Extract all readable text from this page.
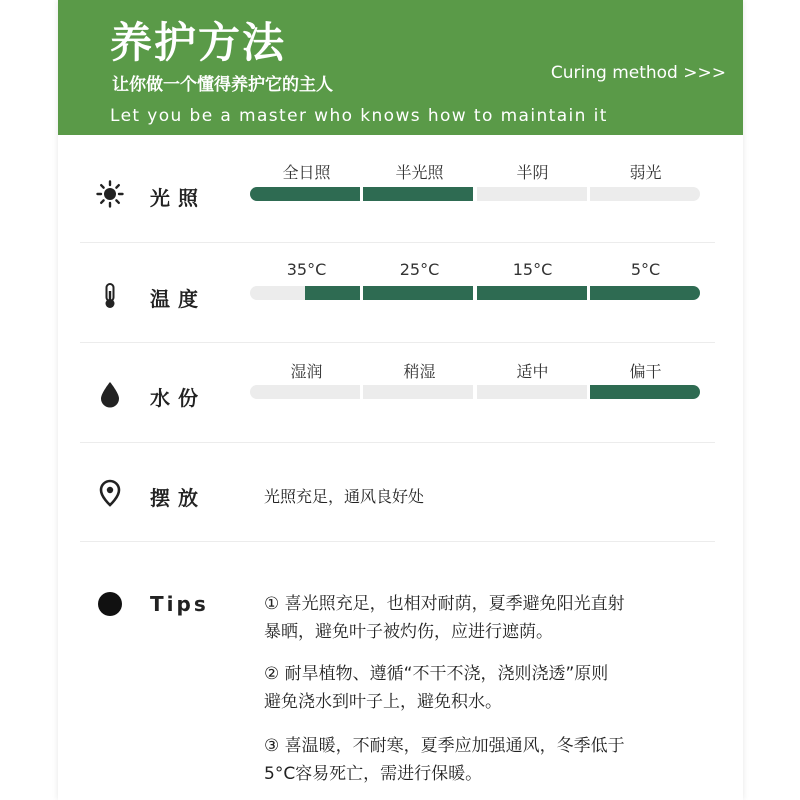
养护方法
让你做一个懂得养护它的主人
Curing method >>>
Let you be a master who knows how to maintain it
光照
全日照	半光照	半阴	弱光
温度
35°C	25°C	15°C	5°C
水份
湿润	稍湿	适中	偏干
摆放	光照充足，通风良好处
Tips	① 喜光照充足，也相对耐荫，夏季避免阳光直射
暴晒，避免叶子被灼伤，应进行遮荫。
② 耐旱植物、遵循“不干不浇，浇则浇透”原则
避免浇水到叶子上，避免积水。
③ 喜温暖，不耐寒，夏季应加强通风，冬季低于
5°C容易死亡，需进行保暖。
